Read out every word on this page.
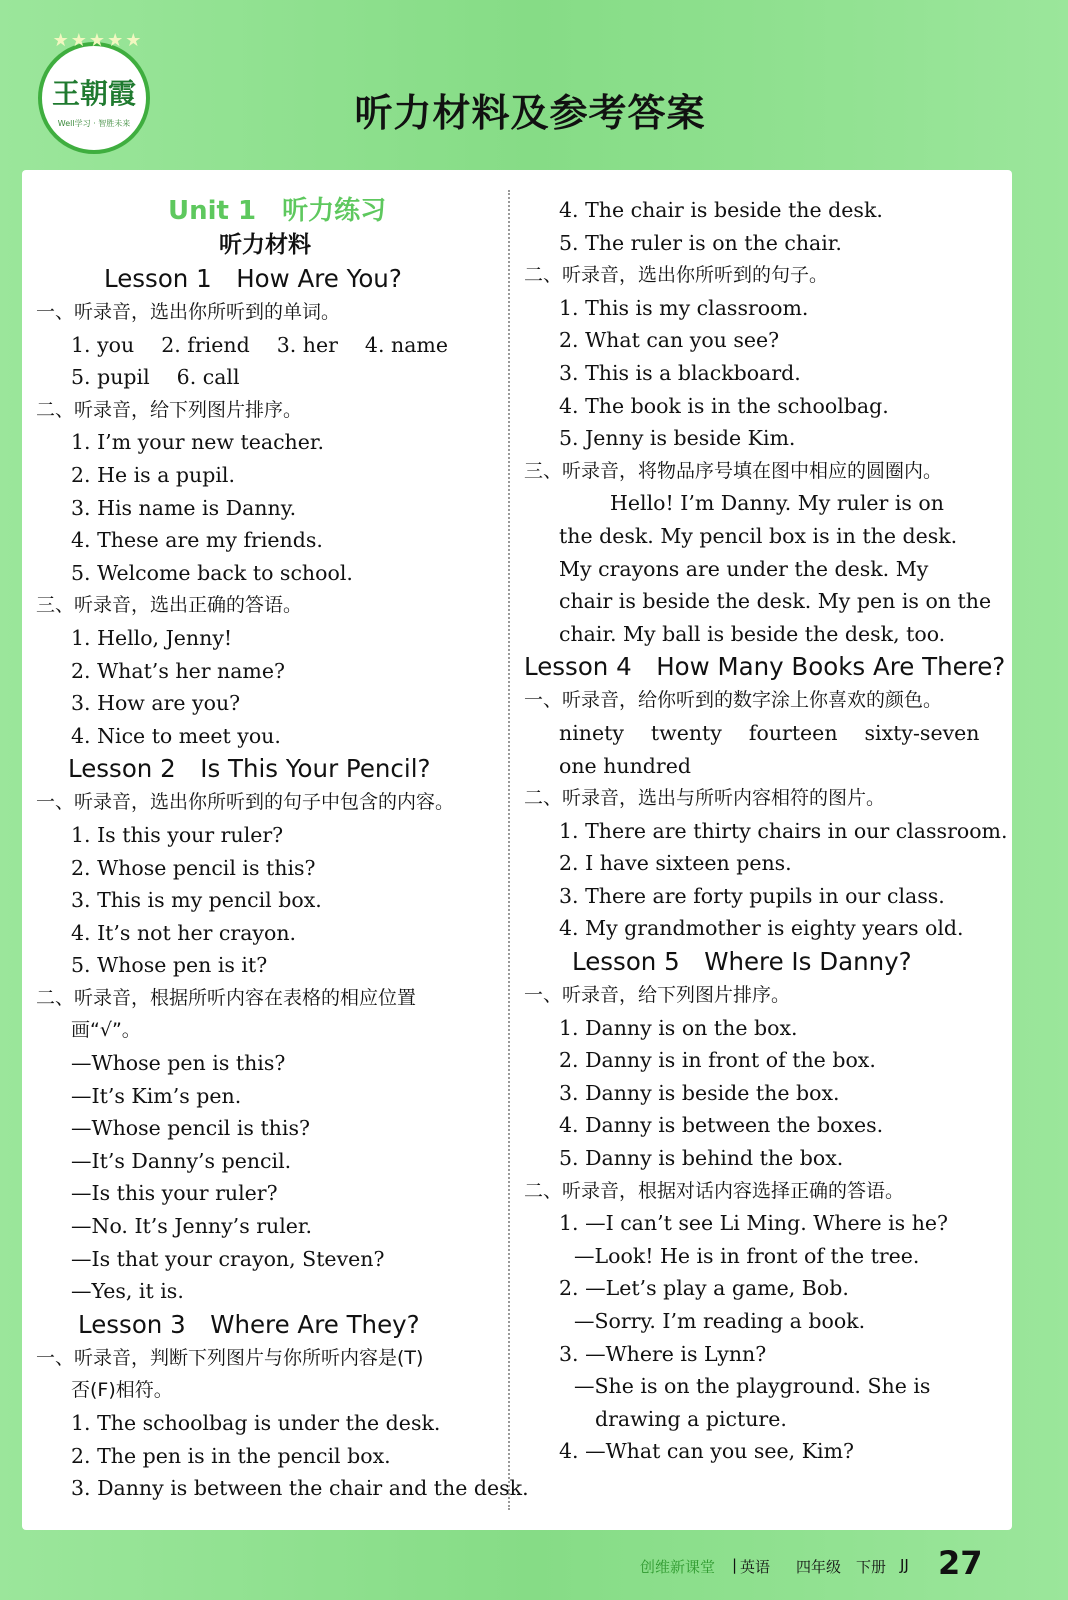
★★★★★
王朝霞
Well学习 · 智胜未来	听力材料及参考答案
Unit 1　听力练习
听力材料
Lesson 1　How Are You?
一、听录音，选出你所听到的单词。
1. you　 2. friend　 3. her　 4. name
5. pupil　 6. call
二、听录音，给下列图片排序。
1. I’m your new teacher.
2. He is a pupil.
3. His name is Danny.
4. These are my friends.
5. Welcome back to school.
三、听录音，选出正确的答语。
1. Hello, Jenny!
2. What’s her name?
3. How are you?
4. Nice to meet you.
Lesson 2　Is This Your Pencil?
一、听录音，选出你所听到的句子中包含的内容。
1. Is this your ruler?
2. Whose pencil is this?
3. This is my pencil box.
4. It’s not her crayon.
5. Whose pen is it?
二、听录音，根据所听内容在表格的相应位置
画“√”。
—Whose pen is this?
—It’s Kim’s pen.
—Whose pencil is this?
—It’s Danny’s pencil.
—Is this your ruler?
—No. It’s Jenny’s ruler.
—Is that your crayon, Steven?
—Yes, it is.
Lesson 3　Where Are They?
一、听录音，判断下列图片与你所听内容是(T)
否(F)相符。
1. The schoolbag is under the desk.
2. The pen is in the pencil box.
3. Danny is between the chair and the desk.
4. The chair is beside the desk.
5. The ruler is on the chair.
二、听录音，选出你所听到的句子。
1. This is my classroom.
2. What can you see?
3. This is a blackboard.
4. The book is in the schoolbag.
5. Jenny is beside Kim.
三、听录音，将物品序号填在图中相应的圆圈内。
Hello! I’m Danny. My ruler is on
the desk. My pencil box is in the desk.
My crayons are under the desk. My
chair is beside the desk. My pen is on the
chair. My ball is beside the desk, too.
Lesson 4　How Many Books Are There?
一、听录音，给你听到的数字涂上你喜欢的颜色。
ninety　 twenty　 fourteen　 sixty-seven
one hundred
二、听录音，选出与所听内容相符的图片。
1. There are thirty chairs in our classroom.
2. I have sixteen pens.
3. There are forty pupils in our class.
4. My grandmother is eighty years old.
Lesson 5　Where Is Danny?
一、听录音，给下列图片排序。
1. Danny is on the box.
2. Danny is in front of the box.
3. Danny is beside the box.
4. Danny is between the boxes.
5. Danny is behind the box.
二、听录音，根据对话内容选择正确的答语。
1. —I can’t see Li Ming. Where is he?
—Look! He is in front of the tree.
2. —Let’s play a game, Bob.
—Sorry. I’m reading a book.
3. —Where is Lynn?
—She is on the playground. She is
drawing a picture.
4. —What can you see, Kim?
创维新课堂 | 英语 四年级 下册 JJ 27
